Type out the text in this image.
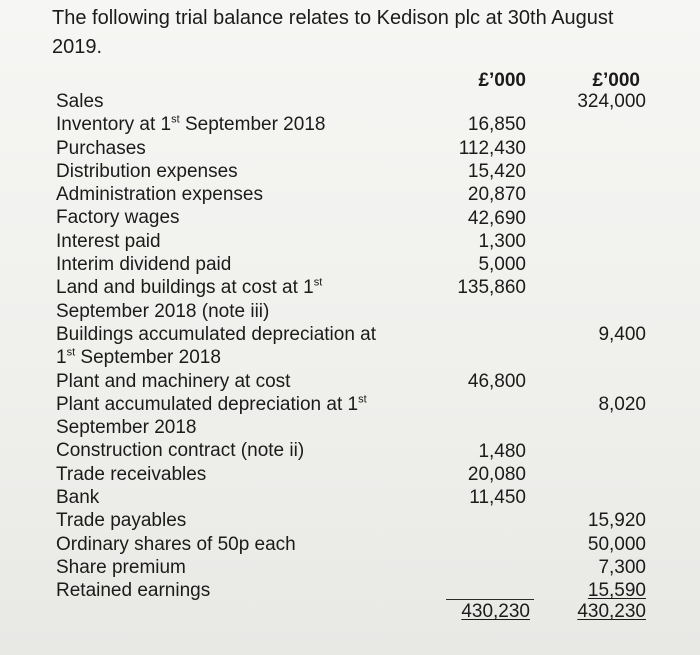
The following trial balance relates to Kedison plc at 30th August 2019.
£’000	£’000
Sales
Inventory at 1st September 2018
Purchases
Distribution expenses
Administration expenses
Factory wages
Interest paid
Interim dividend paid
Land and buildings at cost at 1st
September 2018 (note iii)
Buildings accumulated depreciation at
1st September 2018
Plant and machinery at cost
Plant accumulated depreciation at 1st
September 2018
Construction contract (note ii)
Trade receivables
Bank
Trade payables
Ordinary shares of 50p each
Share premium
Retained earnings
324,000
16,850
112,430
15,420
20,870
42,690
1,300
5,000
135,860
9,400
46,800
8,020
1,480
20,080
11,450
15,920
50,000
7,300
15,590
430,230	430,230
